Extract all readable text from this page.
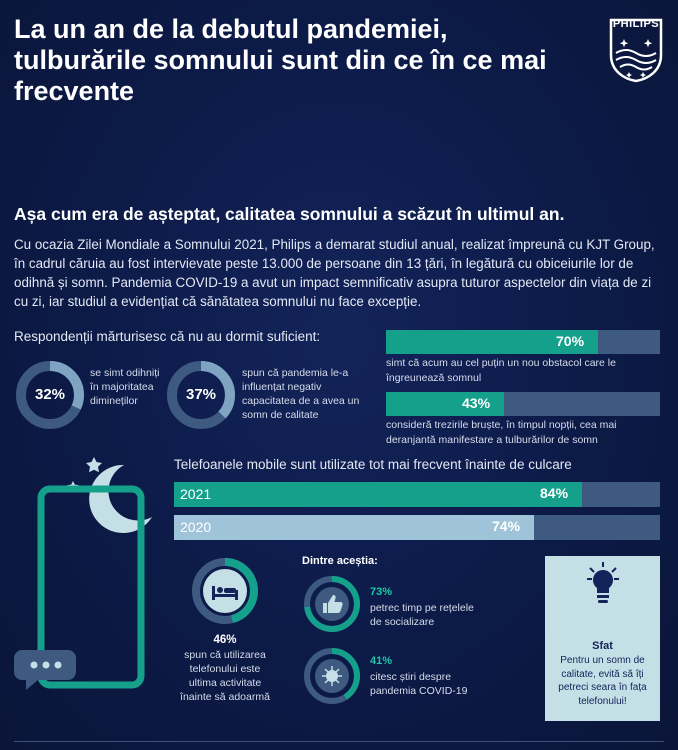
La un an de la debutul pandemiei, tulburările somnului sunt din ce în ce mai frecvente
PHILIPS
Așa cum era de așteptat, calitatea somnului a scăzut în ultimul an.

Cu ocazia Zilei Mondiale a Somnului 2021, Philips a demarat studiul anual, realizat împreună cu KJT Group, în cadrul căruia au fost intervievate peste 13.000 de persoane din 13 țări, în legătură cu obiceiurile lor de odihnă și somn. Pandemia COVID-19 a avut un impact semnificativ asupra tuturor aspectelor din viața de zi cu zi, iar studiul a evidențiat că sănătatea somnului nu face excepție.

Respondenții mărturisesc că nu au dormit suficient:
32%
se simt odihniți în majoritatea dimineților	37%
spun că pandemia le-a influențat negativ capacitatea de a avea un somn de calitate
70%
simt că acum au cel puțin un nou obstacol care le îngreunează somnul
43%
consideră trezirile bruște, în timpul nopții, cea mai deranjantă manifestare a tulburărilor de somn
Telefoanele mobile sunt utilizate tot mai frecvent înainte de culcare
2021	84%
2020	74%
46%
spun că utilizarea telefonului este ultima activitate înainte să adoarmă
Dintre aceștia:
73%
petrec timp pe rețelele de socializare
41%
citesc știri despre pandemia COVID-19
Sfat
Pentru un somn de calitate, evită să îți petreci seara în fața telefonului!
